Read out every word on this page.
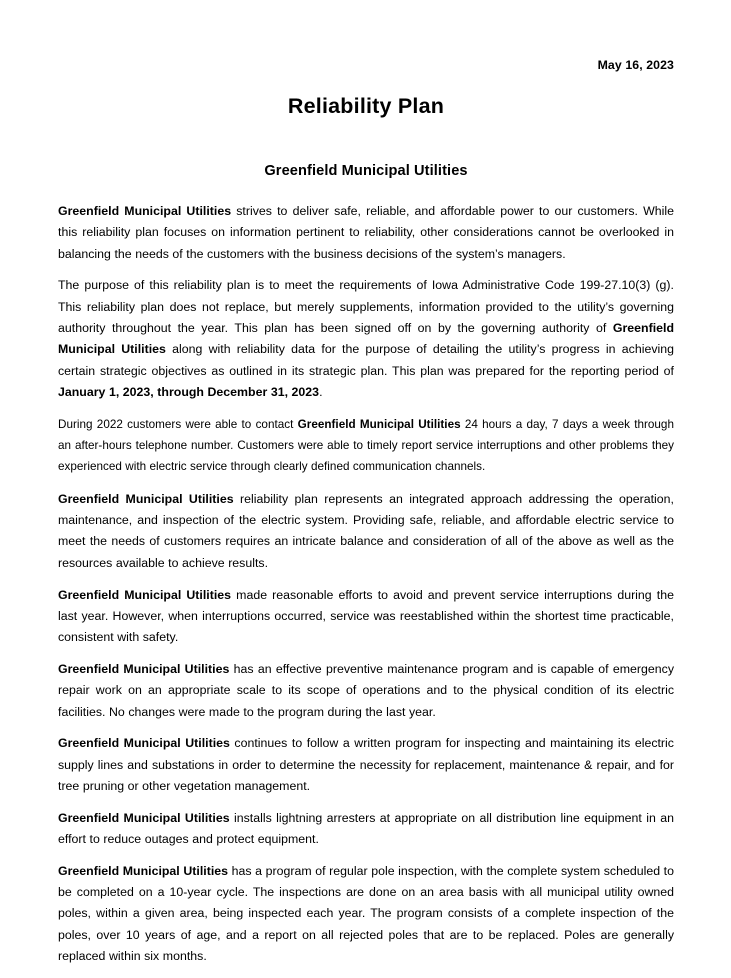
May 16, 2023
Reliability Plan
Greenfield Municipal Utilities

Greenfield Municipal Utilities strives to deliver safe, reliable, and affordable power to our customers. While this reliability plan focuses on information pertinent to reliability, other considerations cannot be overlooked in balancing the needs of the customers with the business decisions of the system’s managers.

The purpose of this reliability plan is to meet the requirements of Iowa Administrative Code 199-27.10(3) (g). This reliability plan does not replace, but merely supplements, information provided to the utility’s governing authority throughout the year. This plan has been signed off on by the governing authority of Greenfield Municipal Utilities along with reliability data for the purpose of detailing the utility’s progress in achieving certain strategic objectives as outlined in its strategic plan. This plan was prepared for the reporting period of January 1, 2023, through December 31, 2023.

During 2022 customers were able to contact Greenfield Municipal Utilities 24 hours a day, 7 days a week through an after-hours telephone number. Customers were able to timely report service interruptions and other problems they experienced with electric service through clearly defined communication channels.

Greenfield Municipal Utilities reliability plan represents an integrated approach addressing the operation, maintenance, and inspection of the electric system. Providing safe, reliable, and affordable electric service to meet the needs of customers requires an intricate balance and consideration of all of the above as well as the resources available to achieve results.

Greenfield Municipal Utilities made reasonable efforts to avoid and prevent service interruptions during the last year. However, when interruptions occurred, service was reestablished within the shortest time practicable, consistent with safety.

Greenfield Municipal Utilities has an effective preventive maintenance program and is capable of emergency repair work on an appropriate scale to its scope of operations and to the physical condition of its electric facilities. No changes were made to the program during the last year.

Greenfield Municipal Utilities continues to follow a written program for inspecting and maintaining its electric supply lines and substations in order to determine the necessity for replacement, maintenance & repair, and for tree pruning or other vegetation management.

Greenfield Municipal Utilities installs lightning arresters at appropriate on all distribution line equipment in an effort to reduce outages and protect equipment.

Greenfield Municipal Utilities has a program of regular pole inspection, with the complete system scheduled to be completed on a 10-year cycle. The inspections are done on an area basis with all municipal utility owned poles, within a given area, being inspected each year. The program consists of a complete inspection of the poles, over 10 years of age, and a report on all rejected poles that are to be replaced. Poles are generally replaced within six months.
